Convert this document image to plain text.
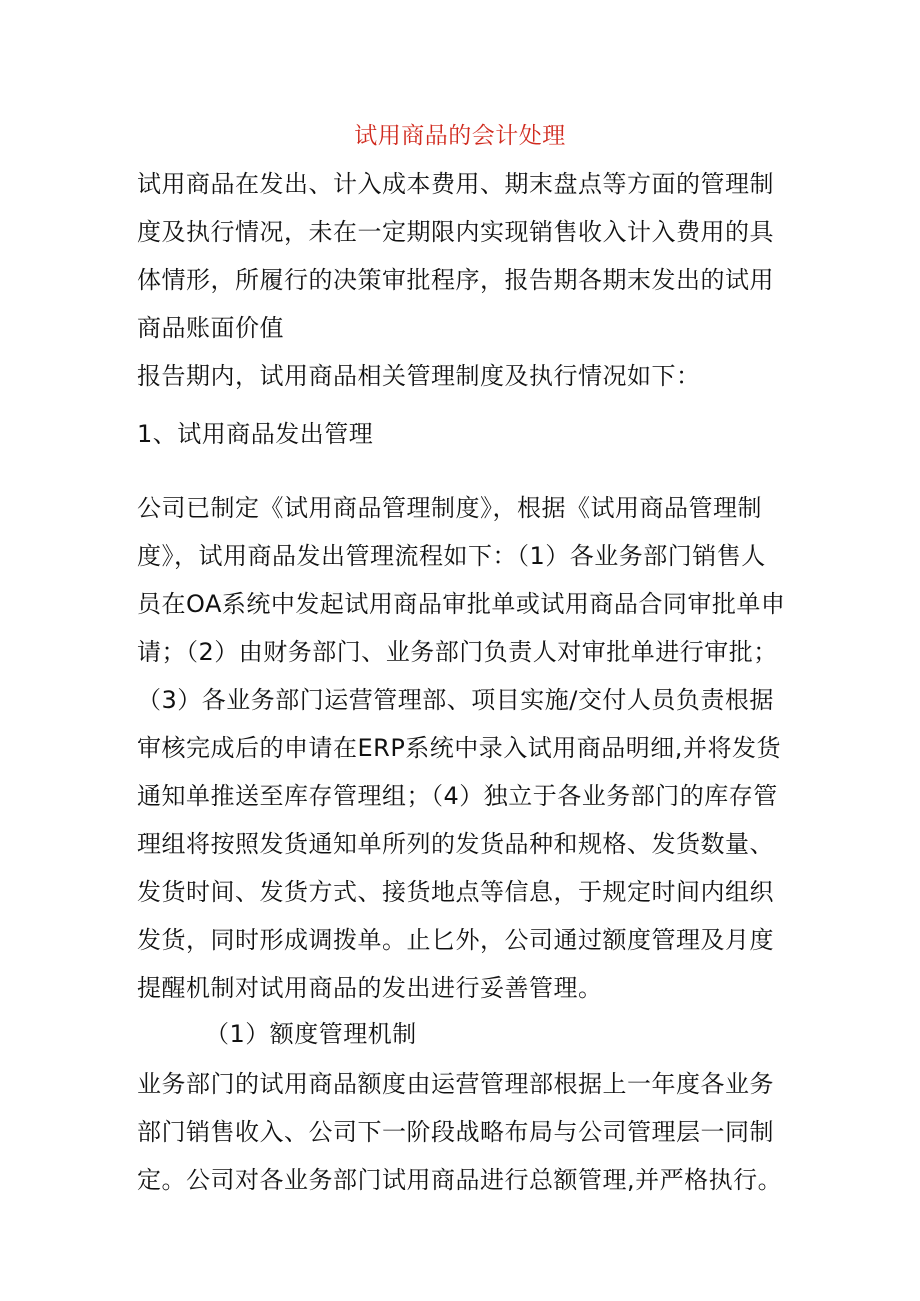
试用商品的会计处理
试用商品在发出、计入成本费用、期末盘点等方面的管理制
度及执行情况，未在一定期限内实现销售收入计入费用的具
体情形，所履行的决策审批程序，报告期各期末发出的试用
商品账面价值
报告期内，试用商品相关管理制度及执行情况如下：
1、试用商品发出管理
公司已制定《试用商品管理制度》，根据《试用商品管理制
度》，试用商品发出管理流程如下：（1）各业务部门销售人
员在OA系统中发起试用商品审批单或试用商品合同审批单申
请；（2）由财务部门、业务部门负责人对审批单进行审批；
（3）各业务部门运营管理部、项目实施/交付人员负责根据
审核完成后的申请在ERP系统中录入试用商品明细,并将发货
通知单推送至库存管理组；（4）独立于各业务部门的库存管
理组将按照发货通知单所列的发货品种和规格、发货数量、
发货时间、发货方式、接货地点等信息，于规定时间内组织
发货，同时形成调拨单。止匕外，公司通过额度管理及月度
提醒机制对试用商品的发出进行妥善管理。
（1）额度管理机制
业务部门的试用商品额度由运营管理部根据上一年度各业务
部门销售收入、公司下一阶段战略布局与公司管理层一同制
定。公司对各业务部门试用商品进行总额管理,并严格执行。
